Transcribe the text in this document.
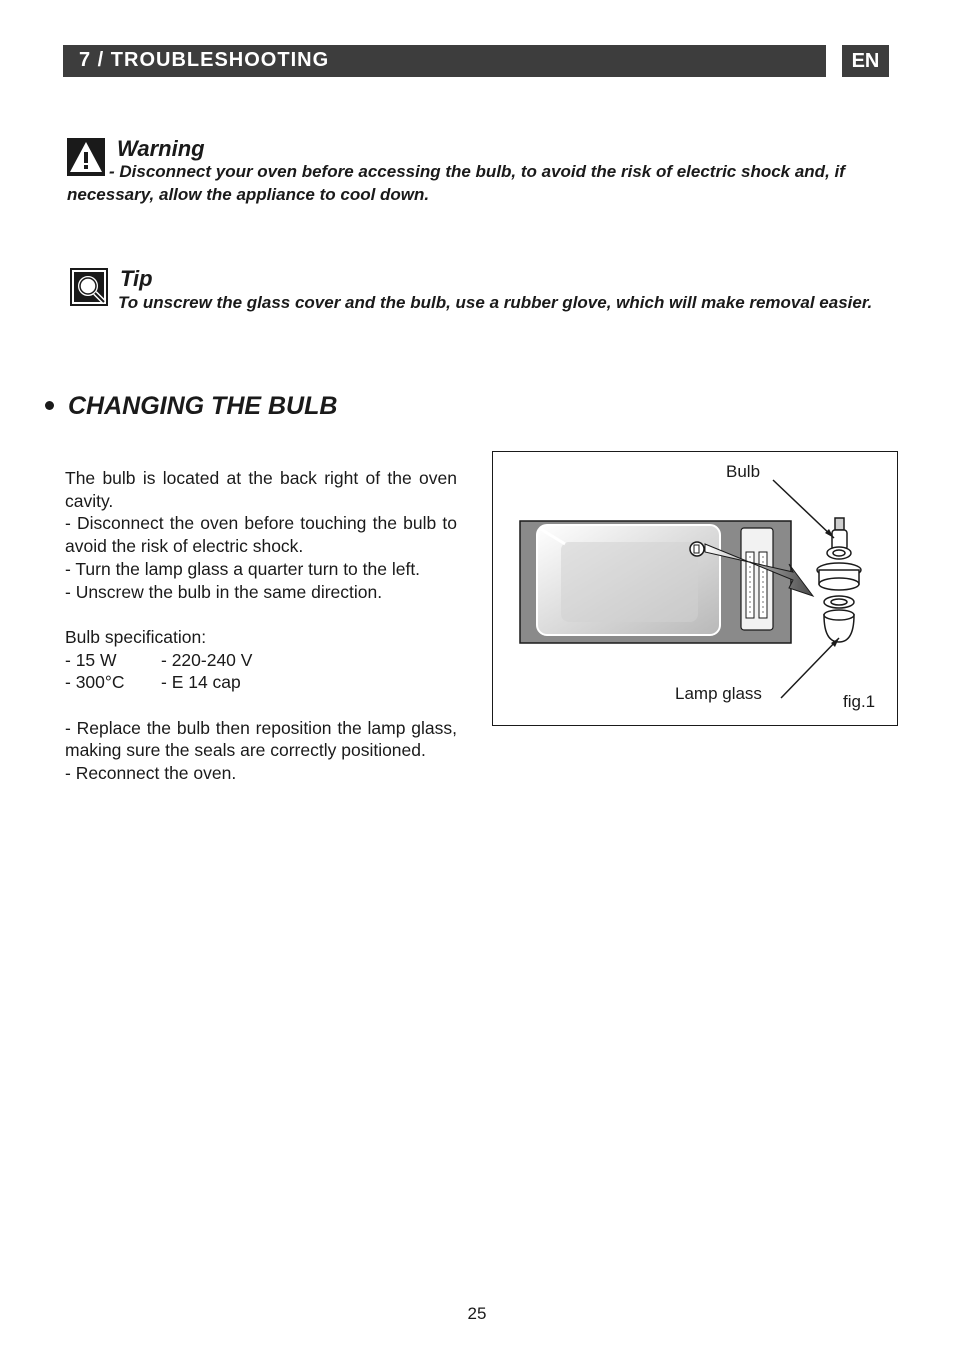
7 / TROUBLESHOOTING	EN
Warning
- Disconnect your oven before accessing the bulb, to avoid the risk of electric shock and, if necessary, allow the appliance to cool down.
Tip
To unscrew the glass cover and the bulb, use a rubber glove, which will make removal easier.
CHANGING THE BULB

The bulb is located at the back right of the oven cavity.

- Disconnect the oven before touching the bulb to avoid the risk of electric shock.

- Turn the lamp glass a quarter turn to the left.

- Unscrew the bulb in the same direction.

Bulb specification:

- 15 W	- 220-240 V
- 300°C	- E 14 cap

- Replace the bulb then reposition the lamp glass, making sure the seals are correctly positioned.

- Reconnect the oven.

Bulb
Lamp glass	fig.1
25
